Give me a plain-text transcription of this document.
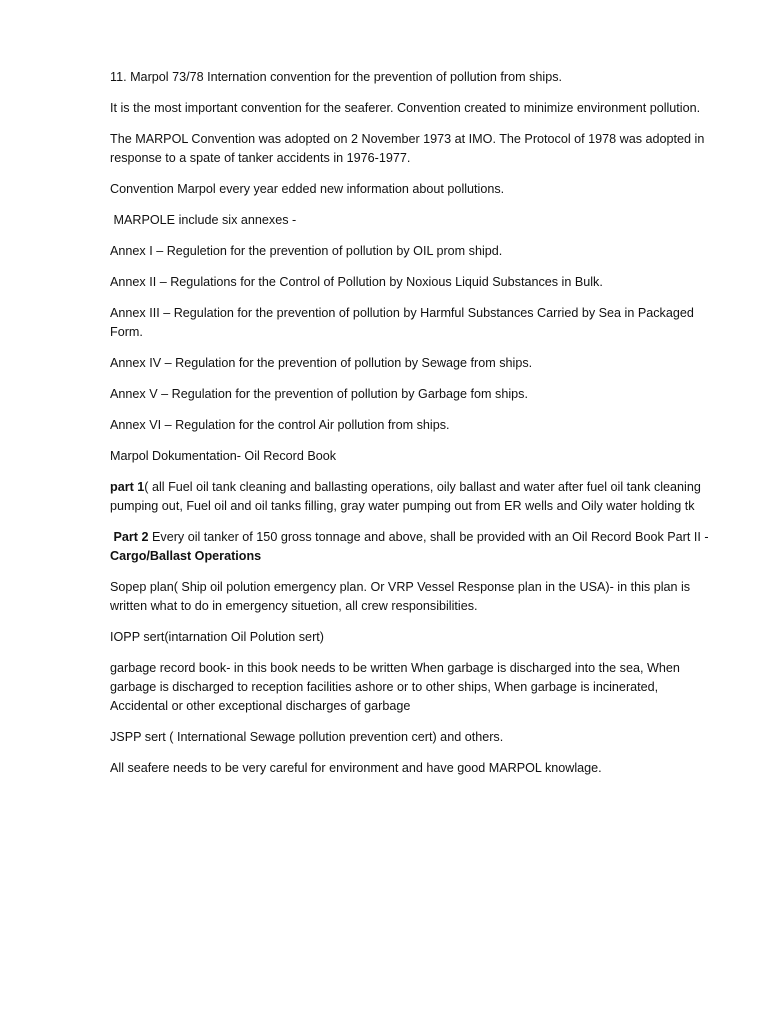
11. Marpol 73/78 Internation convention for the prevention of pollution from ships.

It is the most important convention for the seaferer. Convention created to minimize environment pollution.

The MARPOL Convention was adopted on 2 November 1973 at IMO. The Protocol of 1978 was adopted in response to a spate of tanker accidents in 1976-1977.

Convention Marpol every year edded new information about pollutions.

MARPOLE include six annexes -

Annex I – Reguletion for the prevention of pollution by OIL prom shipd.

Annex II – Regulations for the Control of Pollution by Noxious Liquid Substances in Bulk.

Annex III – Regulation for the prevention of pollution by Harmful Substances Carried by Sea in Packaged Form.

Annex IV – Regulation for the prevention of pollution by Sewage from ships.

Annex V – Regulation for the prevention of pollution by Garbage fom ships.

Annex VI – Regulation for the control Air pollution from ships.

Marpol Dokumentation- Oil Record Book

part 1( all Fuel oil tank cleaning and ballasting operations, oily ballast and water after fuel oil tank cleaning pumping out, Fuel oil and oil tanks filling, gray water pumping out from ER wells and Oily water holding tk

Part 2 Every oil tanker of 150 gross tonnage and above, shall be provided with an Oil Record Book Part II - Cargo/Ballast Operations

Sopep plan( Ship oil polution emergency plan. Or VRP Vessel Response plan in the USA)- in this plan is written what to do in emergency situetion, all crew responsibilities.

IOPP sert(intarnation Oil Polution sert)

garbage record book- in this book needs to be written When garbage is discharged into the sea, When garbage is discharged to reception facilities ashore or to other ships, When garbage is incinerated, Accidental or other exceptional discharges of garbage

JSPP sert ( International Sewage pollution prevention cert) and others.

All seafere needs to be very careful for environment and have good MARPOL knowlage.
